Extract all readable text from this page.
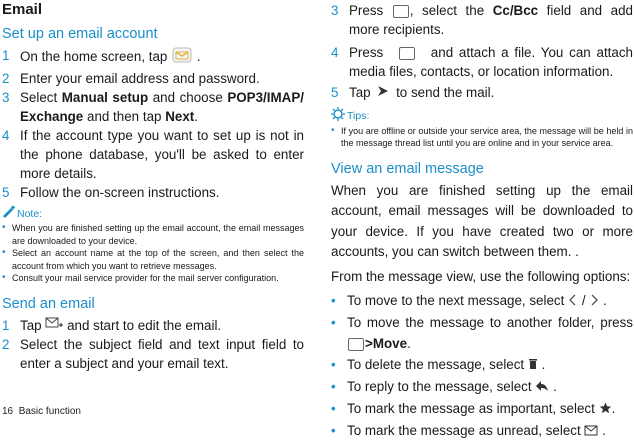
Email
Set up an email account
1 On the home screen, tap .
2 Enter your email address and password.
3 Select Manual setup and choose POP3/IMAP/ Exchange and then tap Next.
4 If the account type you want to set up is not in the phone database, you'll be asked to enter more details.
5 Follow the on-screen instructions.
Note:
• When you are finished setting up the email account, the email messages are downloaded to your device.
• Select an account name at the top of the screen, and then select the account from which you want to retrieve messages.
• Consult your mail service provider for the mail server configuration.
Send an email
1 Tap and start to edit the email.
2 Select the subject field and text input field to enter a subject and your email text.
3 Press , select the Cc/Bcc field and add more recipients.
4 Press	and attach a file. You can attach media files, contacts, or location information.
5 Tap to send the mail.
Tips:
• If you are offline or outside your service area, the message will be held in the message thread list until you are online and in your service area.
View an email message

When you are finished setting up the email account, email messages will be downloaded to your device. If you have created two or more accounts, you can switch between them. .

From the message view, use the following options:

• To move to the next message, select / .
• To move the message to another folder, press >Move.
• To delete the message, select .
• To reply to the message, select .
• To mark the message as important, select .
• To mark the message as unread, select .
16 Basic function
